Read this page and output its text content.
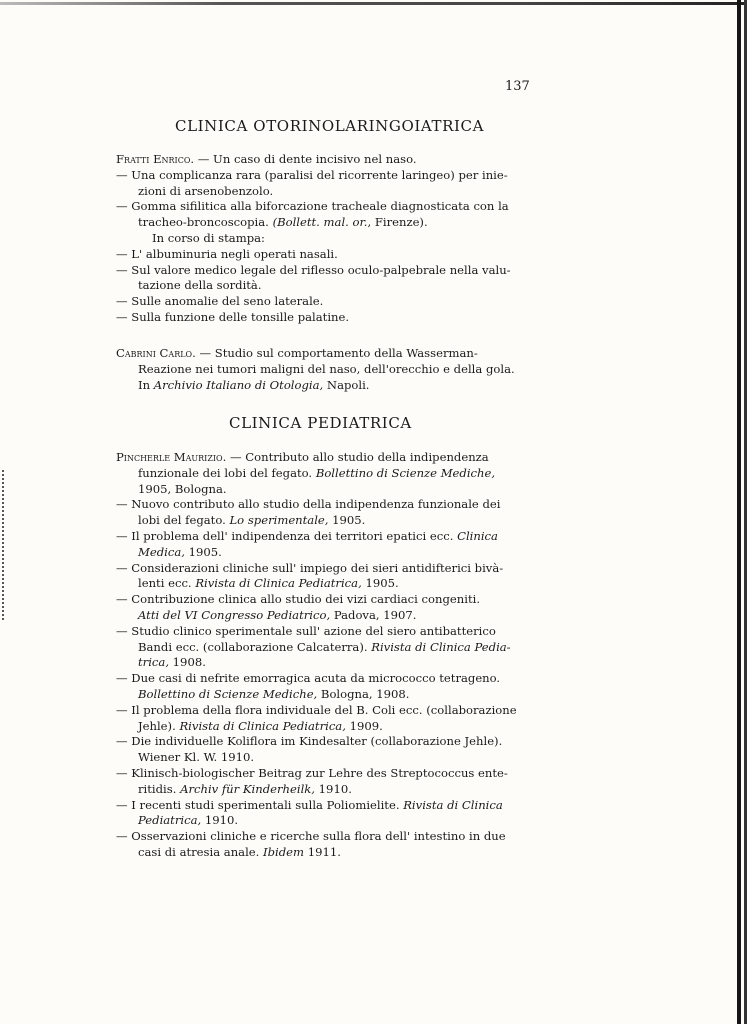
137
CLINICA OTORINOLARINGOIATRICA
Fratti Enrico. — Un caso di dente incisivo nel naso.
— Una complicanza rara (paralisi del ricorrente laringeo) per inie-
zioni di arsenobenzolo.
— Gomma sifilitica alla biforcazione tracheale diagnosticata con la
tracheo-broncoscopia. (Bollett. mal. or., Firenze).
In corso di stampa:
— L' albuminuria negli operati nasali.
— Sul valore medico legale del riflesso oculo-palpebrale nella valu-
tazione della sordità.
— Sulle anomalie del seno laterale.
— Sulla funzione delle tonsille palatine.
Cabrini Carlo. — Studio sul comportamento della Wasserman-
Reazione nei tumori maligni del naso, dell'orecchio e della gola.
In Archivio Italiano di Otologia, Napoli.
CLINICA PEDIATRICA
Pincherle Maurizio. — Contributo allo studio della indipendenza
funzionale dei lobi del fegato. Bollettino di Scienze Mediche,
1905, Bologna.
— Nuovo contributo allo studio della indipendenza funzionale dei
lobi del fegato. Lo sperimentale, 1905.
— Il problema dell' indipendenza dei territori epatici ecc. Clinica
Medica, 1905.
— Considerazioni cliniche sull' impiego dei sieri antidifterici bivà-
lenti ecc. Rivista di Clinica Pediatrica, 1905.
— Contribuzione clinica allo studio dei vizi cardiaci congeniti.
Atti del VI Congresso Pediatrico, Padova, 1907.
— Studio clinico sperimentale sull' azione del siero antibatterico
Bandi ecc. (collaborazione Calcaterra). Rivista di Clinica Pedia-
trica, 1908.
— Due casi di nefrite emorragica acuta da micrococco tetrageno.
Bollettino di Scienze Mediche, Bologna, 1908.
— Il problema della flora individuale del B. Coli ecc. (collaborazione
Jehle). Rivista di Clinica Pediatrica, 1909.
— Die individuelle Koliflora im Kindesalter (collaborazione Jehle).
Wiener Kl. W. 1910.
— Klinisch-biologischer Beitrag zur Lehre des Streptococcus ente-
ritidis. Archiv für Kinderheilk, 1910.
— I recenti studi sperimentali sulla Poliomielite. Rivista di Clinica
Pediatrica, 1910.
— Osservazioni cliniche e ricerche sulla flora dell' intestino in due
casi di atresia anale. Ibidem 1911.
